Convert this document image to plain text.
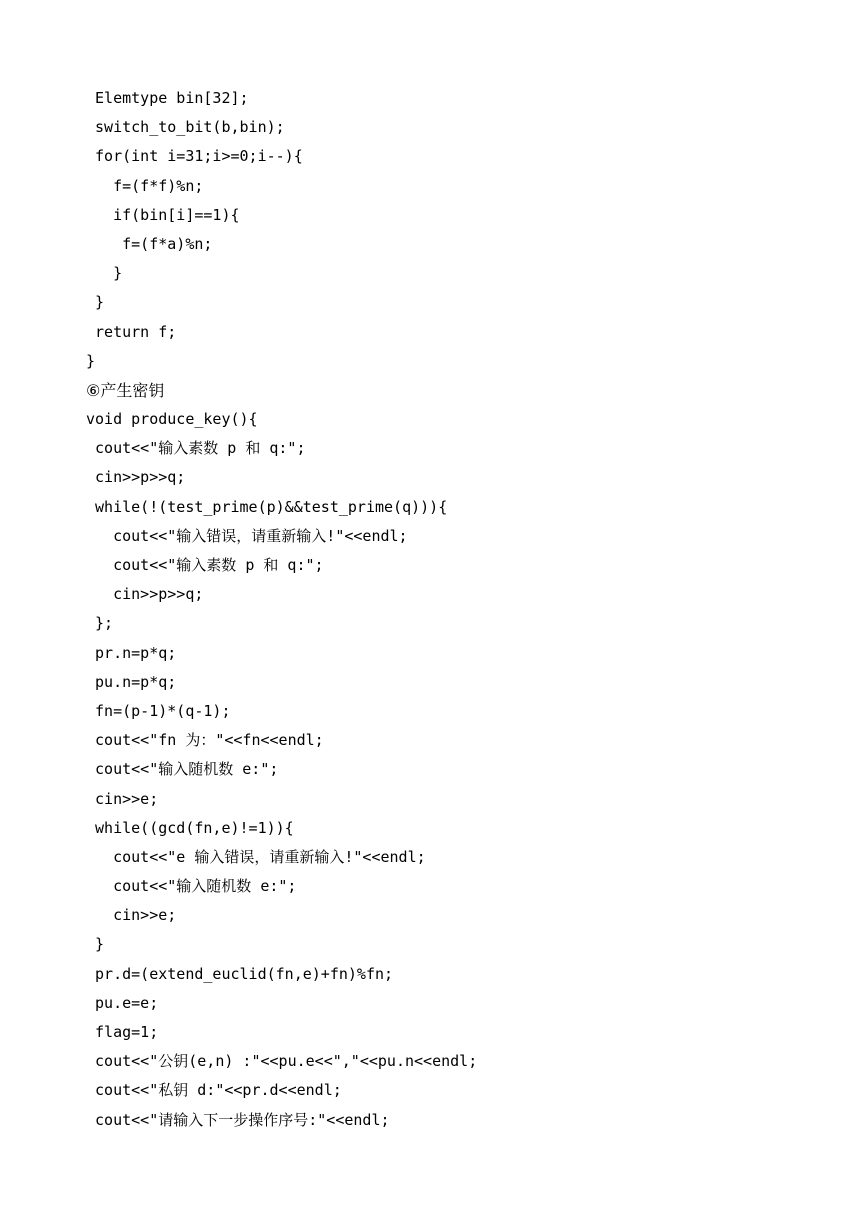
Elemtype bin[32];
switch_to_bit(b,bin);
for(int i=31;i>=0;i--){
f=(f*f)%n;
if(bin[i]==1){
f=(f*a)%n;
}
}
return f;
}
⑥产生密钥
void produce_key(){
cout<<"输入素数 p 和 q:";
cin>>p>>q;
while(!(test_prime(p)&&test_prime(q))){
cout<<"输入错误，请重新输入!"<<endl;
cout<<"输入素数 p 和 q:";
cin>>p>>q;
};
pr.n=p*q;
pu.n=p*q;
fn=(p-1)*(q-1);
cout<<"fn 为："<<fn<<endl;
cout<<"输入随机数 e:";
cin>>e;
while((gcd(fn,e)!=1)){
cout<<"e 输入错误，请重新输入!"<<endl;
cout<<"输入随机数 e:";
cin>>e;
}
pr.d=(extend_euclid(fn,e)+fn)%fn;
pu.e=e;
flag=1;
cout<<"公钥(e,n) :"<<pu.e<<","<<pu.n<<endl;
cout<<"私钥 d:"<<pr.d<<endl;
cout<<"请输入下一步操作序号:"<<endl;
